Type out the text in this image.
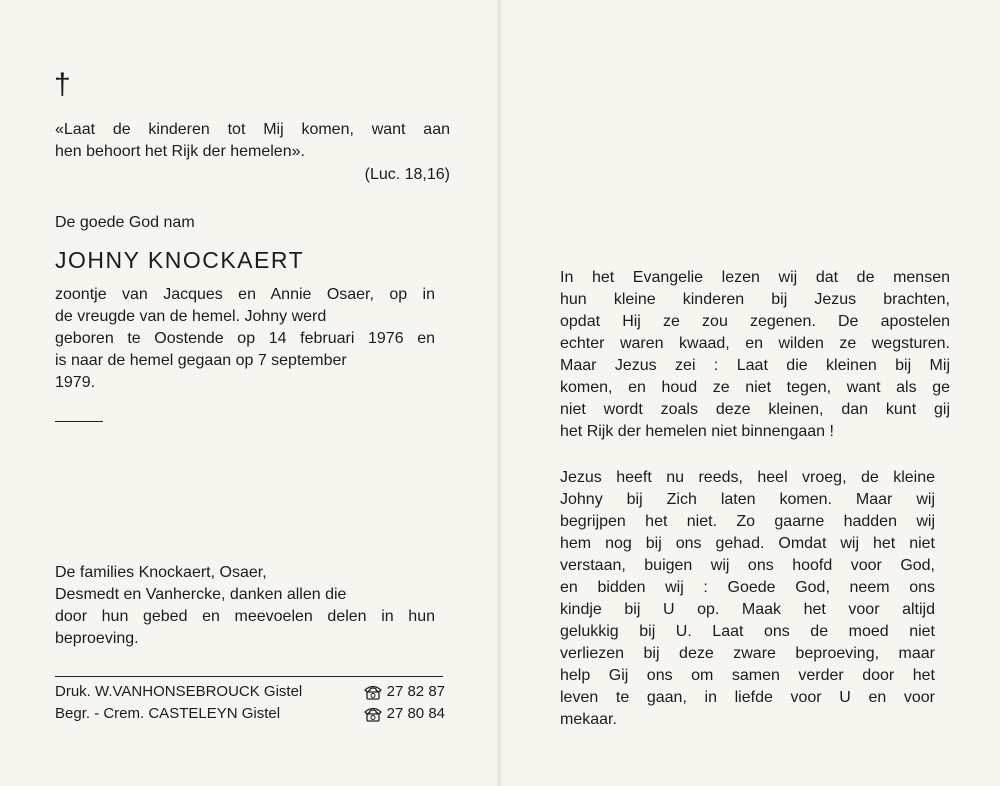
†

«Laat de kinderen tot Mij komen, want aan
hen behoort het Rijk der hemelen».

(Luc. 18,16)
De goede God nam
JOHNY KNOCKAERT

zoontje van Jacques en Annie Osaer, op in
de vreugde van de hemel. Johny werd
geboren te Oostende op 14 februari 1976 en
is naar de hemel gegaan op 7 september
1979.

De families Knockaert, Osaer,
Desmedt en Vanhercke, danken allen die
door hun gebed en meevoelen delen in hun
beproeving.

Druk. W.VANHONSEBROUCK Gistel	27 82 87
Begr. - Crem. CASTELEYN Gistel	27 80 84

In het Evangelie lezen wij dat de mensen
hun kleine kinderen bij Jezus brachten,
opdat Hij ze zou zegenen. De apostelen
echter waren kwaad, en wilden ze wegsturen.
Maar Jezus zei : Laat die kleinen bij Mij
komen, en houd ze niet tegen, want als ge
niet wordt zoals deze kleinen, dan kunt gij
het Rijk der hemelen niet binnengaan !

Jezus heeft nu reeds, heel vroeg, de kleine
Johny bij Zich laten komen. Maar wij
begrijpen het niet. Zo gaarne hadden wij
hem nog bij ons gehad. Omdat wij het niet
verstaan, buigen wij ons hoofd voor God,
en bidden wij : Goede God, neem ons
kindje bij U op. Maak het voor altijd
gelukkig bij U. Laat ons de moed niet
verliezen bij deze zware beproeving, maar
help Gij ons om samen verder door het
leven te gaan, in liefde voor U en voor
mekaar.
